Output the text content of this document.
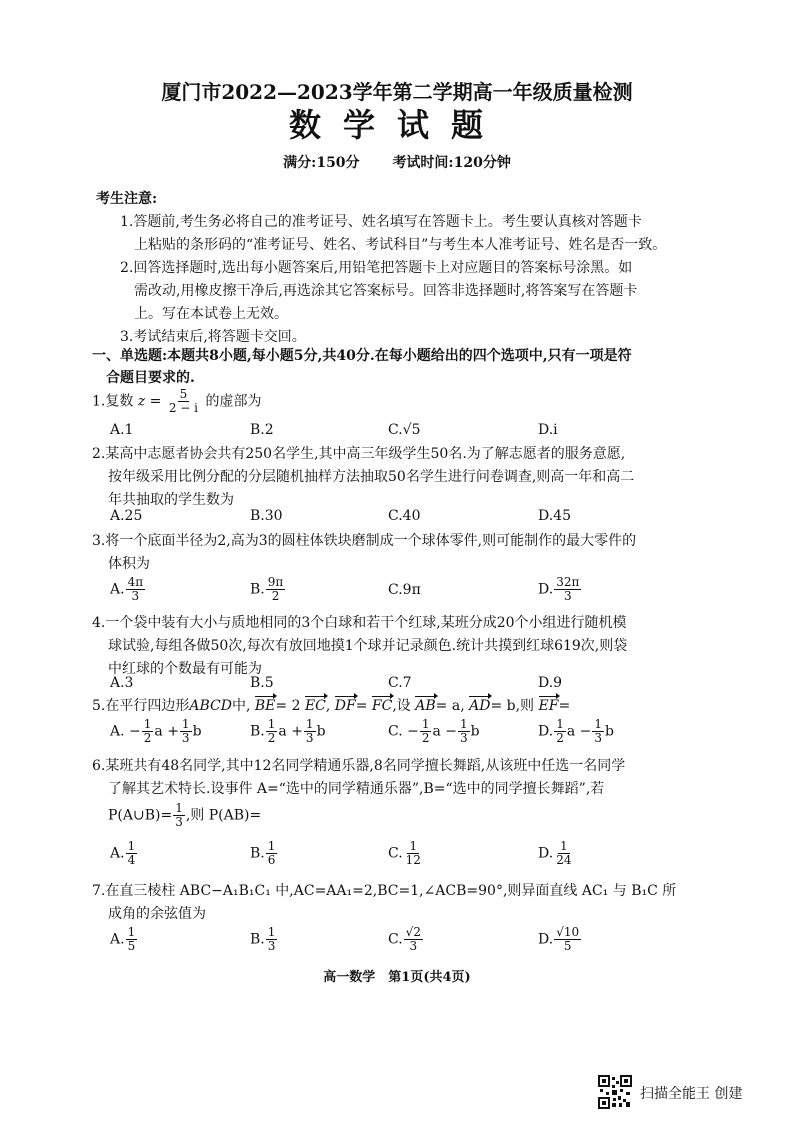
厦门市2022—2023学年第二学期高一年级质量检测
数学试题
满分:150分 考试时间:120分钟
考生注意:
1.答题前,考生务必将自己的准考证号、姓名填写在答题卡上。考生要认真核对答题卡
上粘贴的条形码的“准考证号、姓名、考试科目”与考生本人准考证号、姓名是否一致。
2.回答选择题时,选出每小题答案后,用铅笔把答题卡上对应题目的答案标号涂黑。如
需改动,用橡皮擦干净后,再选涂其它答案标号。回答非选择题时,将答案写在答题卡
上。写在本试卷上无效。
3.考试结束后,将答题卡交回。
一、单选题:本题共8小题,每小题5分,共40分.在每小题给出的四个选项中,只有一项是符
合题目要求的.
1.复数 $z = \frac{5}{2 - i}$ 的虚部为
A.1	B.2	C.√5	D.i
2.某高中志愿者协会共有250名学生,其中高三年级学生50名.为了解志愿者的服务意愿,
按年级采用比例分配的分层随机抽样方法抽取50名学生进行问卷调查,则高一年和高二
年共抽取的学生数为
A.25	B.30	C.40	D.45
3.将一个底面半径为2,高为3的圆柱体铁块磨制成一个球体零件,则可能制作的最大零件的
体积为
A. $\frac{4\pi}{3}$	B. $\frac{9\pi}{2}$	C.9π	D. $\frac{32\pi}{3}$
4.一个袋中装有大小与质地相同的3个白球和若干个红球,某班分成20个小组进行随机模
球试验,每组各做50次,每次有放回地摸1个球并记录颜色.统计共摸到红球619次,则袋
中红球的个数最有可能为
A.3	B.5	C.7	D.9
5.在平行四边形ABCD中, BE= 2 EC, DF= FC,设 AB= a, AD= b,则 EF=
A. − $\frac{1}{2}$ $a + \frac{1}{3}$ b	B. $\frac{1}{2}$ $a + \frac{1}{3}$ b	C. − $\frac{1}{2}$ $a - \frac{1}{3}$ b	D. $\frac{1}{2}$ $a - \frac{1}{3}$ b
6.某班共有48名同学,其中12名同学精通乐器,8名同学擅长舞蹈,从该班中任选一名同学
了解其艺术特长.设事件 A=“选中的同学精通乐器”,B=“选中的同学擅长舞蹈”,若
P(A∪B)= $\frac{1}{3}$ ,则 P(AB)=
A. $\frac{1}{4}$	B. $\frac{1}{6}$	C. $\frac{1}{12}$	D. $\frac{1}{24}$
7.在直三棱柱 ABC−A₁B₁C₁ 中,AC=AA₁=2,BC=1,∠ACB=90°,则异面直线 AC₁ 与 B₁C 所
成角的余弦值为
A. $\frac{1}{5}$	B. $\frac{1}{3}$	C. $\frac{√2}{3}$	D. $\frac{√10}{5}$
高一数学　第1页(共4页)
扫描全能王 创建
